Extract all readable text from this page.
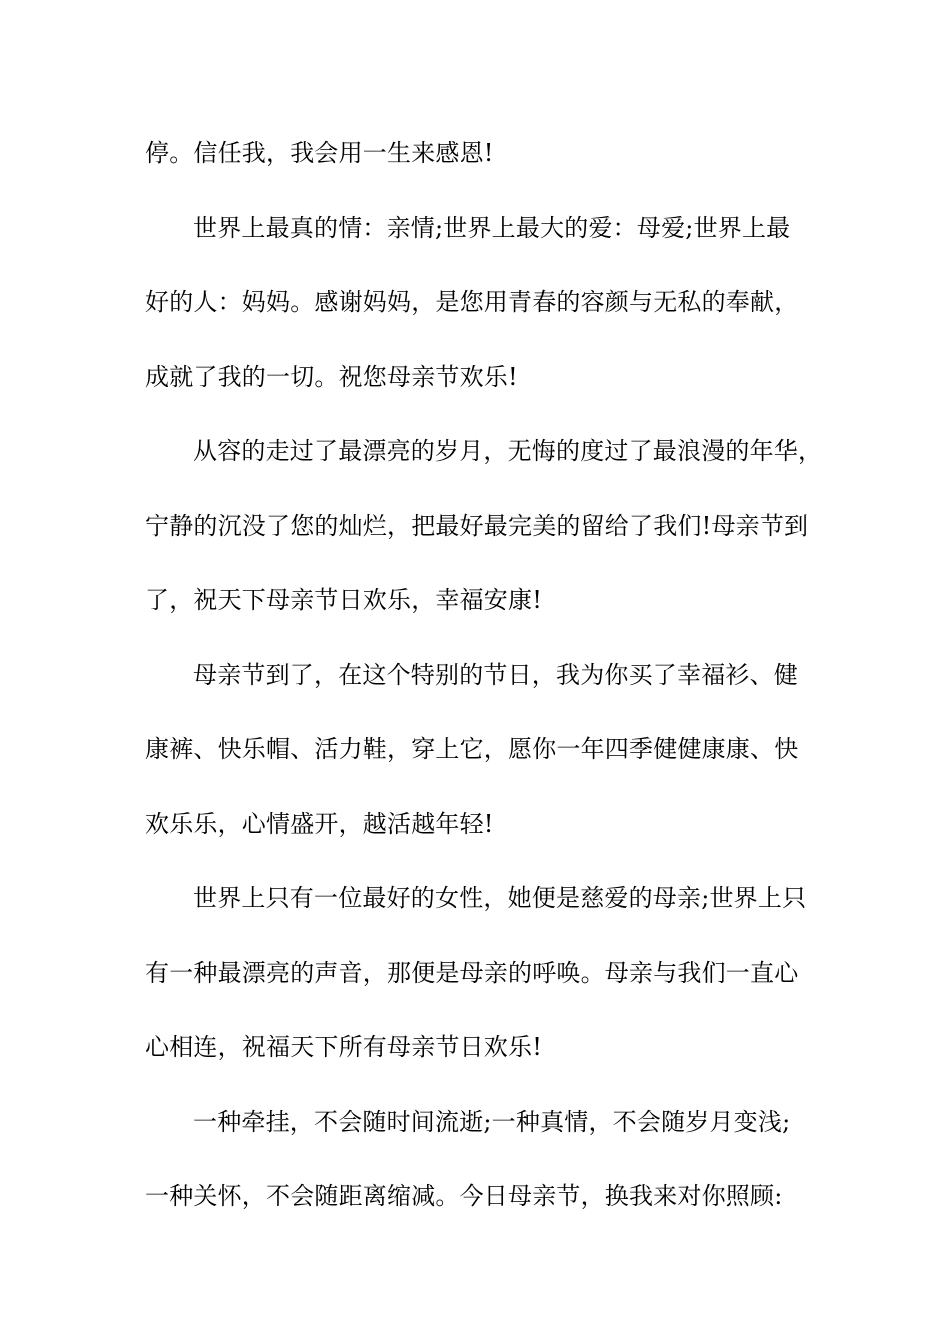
停。信任我，我会用一生来感恩!
世界上最真的情：亲情;世界上最大的爱：母爱;世界上最
好的人：妈妈。感谢妈妈，是您用青春的容颜与无私的奉献，
成就了我的一切。祝您母亲节欢乐!
从容的走过了最漂亮的岁月，无悔的度过了最浪漫的年华，
宁静的沉没了您的灿烂，把最好最完美的留给了我们!母亲节到
了，祝天下母亲节日欢乐，幸福安康!
母亲节到了，在这个特别的节日，我为你买了幸福衫、健
康裤、快乐帽、活力鞋，穿上它，愿你一年四季健健康康、快
欢乐乐，心情盛开，越活越年轻!
世界上只有一位最好的女性，她便是慈爱的母亲;世界上只
有一种最漂亮的声音，那便是母亲的呼唤。母亲与我们一直心
心相连，祝福天下所有母亲节日欢乐!
一种牵挂，不会随时间流逝;一种真情，不会随岁月变浅;
一种关怀，不会随距离缩减。今日母亲节，换我来对你照顾:
